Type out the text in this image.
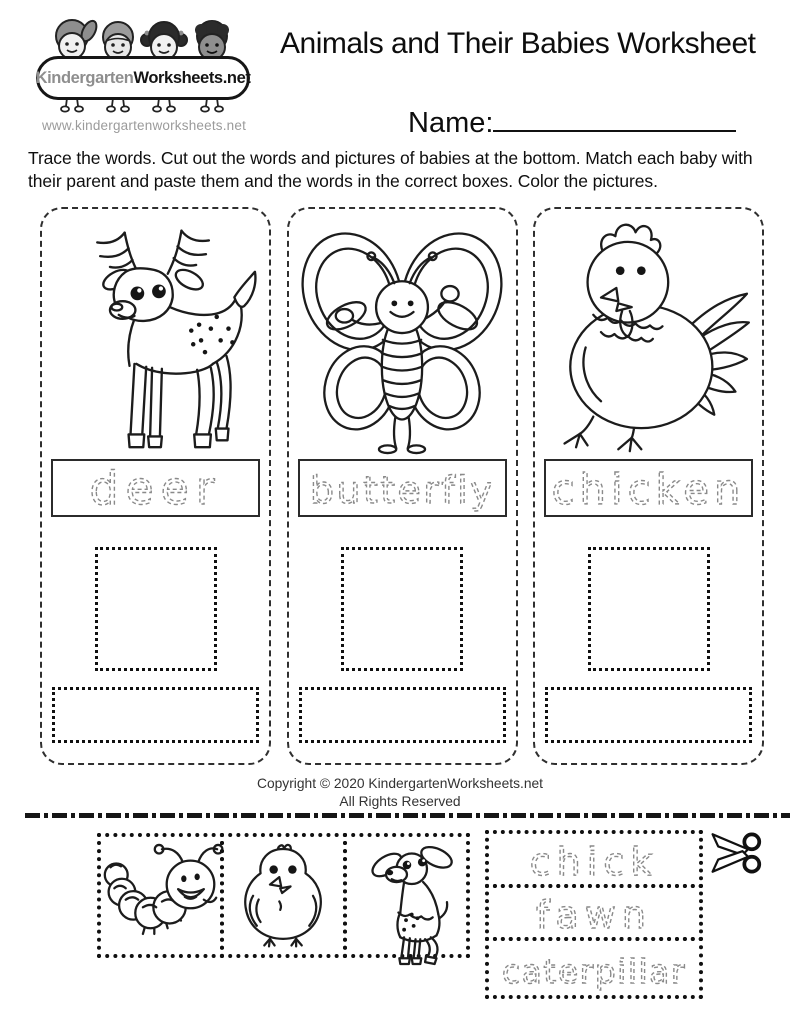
Kindergarten Worksheets.net
www.kindergartenworksheets.net
Animals and Their Babies Worksheet
Name:
Trace the words. Cut out the words and pictures of babies at the bottom. Match each baby with their parent and paste them and the words in the correct boxes. Color the pictures.
deer butterfly chicken
Copyright © 2020 KindergartenWorksheets.net
All Rights Reserved
chick
fawn
caterpillar
